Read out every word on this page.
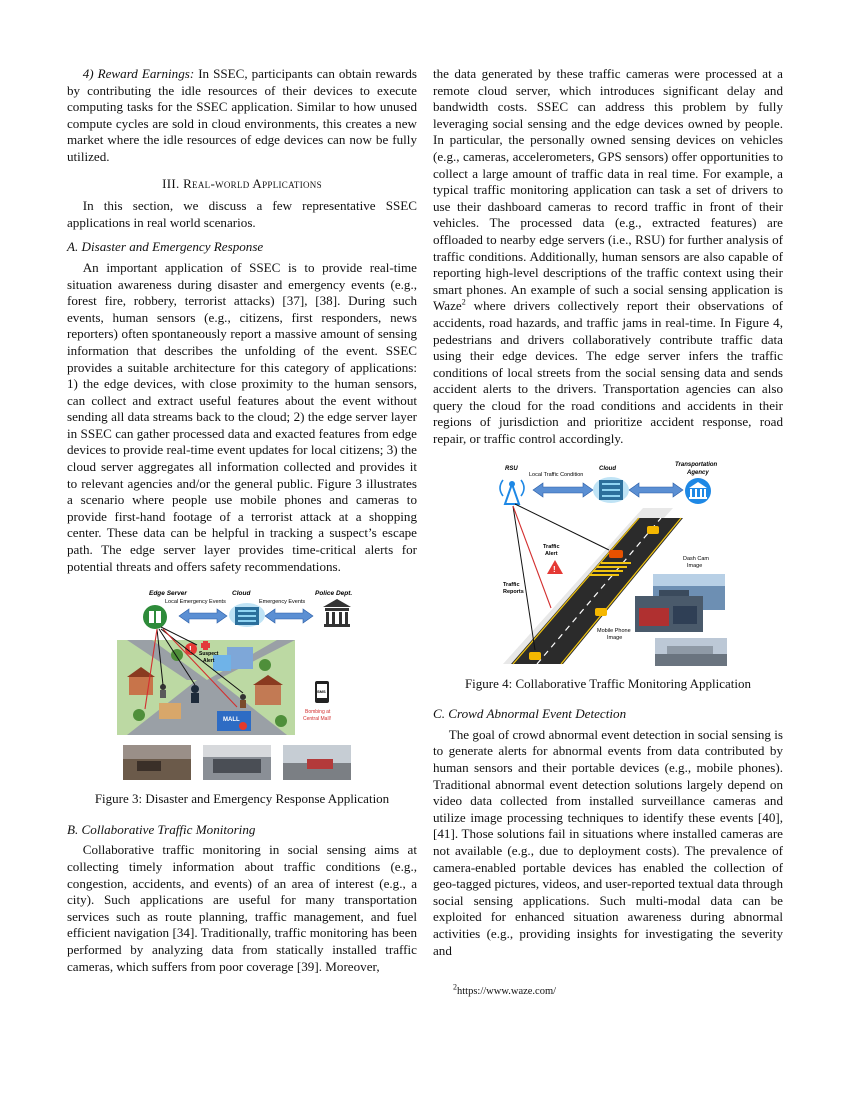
4) Reward Earnings: In SSEC, participants can obtain rewards by contributing the idle resources of their devices to execute computing tasks for the SSEC application. Similar to how unused compute cycles are sold in cloud environments, this creates a new market where the idle resources of edge devices can now be fully utilized.

III. Real-world Applications

In this section, we discuss a few representative SSEC applications in real world scenarios.

A. Disaster and Emergency Response

An important application of SSEC is to provide real-time situation awareness during disaster and emergency events (e.g., forest fire, robbery, terrorist attacks) [37], [38]. During such events, human sensors (e.g., citizens, first responders, news reporters) often spontaneously report a massive amount of sensing information that describes the unfolding of the event. SSEC provides a suitable architecture for this category of applications: 1) the edge devices, with close proximity to the human sensors, can collect and extract useful features about the event without sending all data streams back to the cloud; 2) the edge server layer in SSEC can gather processed data and exacted features from edge devices to provide real-time event updates for local citizens; 3) the cloud server aggregates all information collected and provides it to relevant agencies and/or the general public. Figure 3 illustrates a scenario where people use mobile phones and cameras to provide first-hand footage of a terrorist attack at a shopping center. These data can be helpful in tracking a suspect’s escape path. The edge server layer provides time-critical alerts for potential threats and offers safety recommendations.

Edge Server	Cloud	Police Dept.
Local Emergency Events	Emergency Events
MALL
! Suspect
Alert
SMS
Bombing at
Central Mall!
Figure 3: Disaster and Emergency Response Application
B. Collaborative Traffic Monitoring

Collaborative traffic monitoring in social sensing aims at collecting timely information about traffic conditions (e.g., congestion, accidents, and events) of an area of interest (e.g., a city). Such applications are useful for many transportation services such as route planning, traffic management, and fuel efficient navigation [34]. Traditionally, traffic monitoring has been performed by analyzing data from statically installed traffic cameras, which suffers from poor coverage [39]. Moreover,

the data generated by these traffic cameras were processed at a remote cloud server, which introduces significant delay and bandwidth costs. SSEC can address this problem by fully leveraging social sensing and the edge devices owned by people. In particular, the personally owned sensing devices on vehicles (e.g., cameras, accelerometers, GPS sensors) offer opportunities to collect a large amount of traffic data in real time. For example, a typical traffic monitoring application can task a set of drivers to use their dashboard cameras to record traffic in front of their vehicles. The processed data (e.g., extracted features) are offloaded to nearby edge servers (i.e., RSU) for further analysis of traffic conditions. Additionally, human sensors are also capable of reporting high-level descriptions of the traffic context using their smart phones. An example of such a social sensing application is Waze$^2$ where drivers collectively report their observations of accidents, road hazards, and traffic jams in real-time. In Figure 4, pedestrians and drivers collaboratively contribute traffic data using their edge devices. The edge server infers the traffic conditions of local streets from the social sensing data and sends accident alerts to the drivers. Transportation agencies can also query the cloud for the road conditions and accidents in their regions of jurisdiction and prioritize accident response, road repair, or traffic control accordingly.

RSU	Cloud
Transportation
Agency
Local Traffic Condition
Traffic
Alert
!
Traffic
Reports
Dash Cam
Image
Mobile Phone
Image
Figure 4: Collaborative Traffic Monitoring Application
C. Crowd Abnormal Event Detection

The goal of crowd abnormal event detection in social sensing is to generate alerts for abnormal events from data contributed by human sensors and their portable devices (e.g., mobile phones). Traditional abnormal event detection solutions largely depend on video data collected from installed surveillance cameras and utilize image processing techniques to identify these events [40], [41]. Those solutions fail in situations where installed cameras are not available (e.g., due to deployment costs). The prevalence of camera-enabled portable devices has enabled the collection of geo-tagged pictures, videos, and user-reported textual data through social sensing applications. Such multi-modal data can be exploited for enhanced situation awareness during abnormal activities (e.g., providing insights for investigating the severity and

$^2$https://www.waze.com/
